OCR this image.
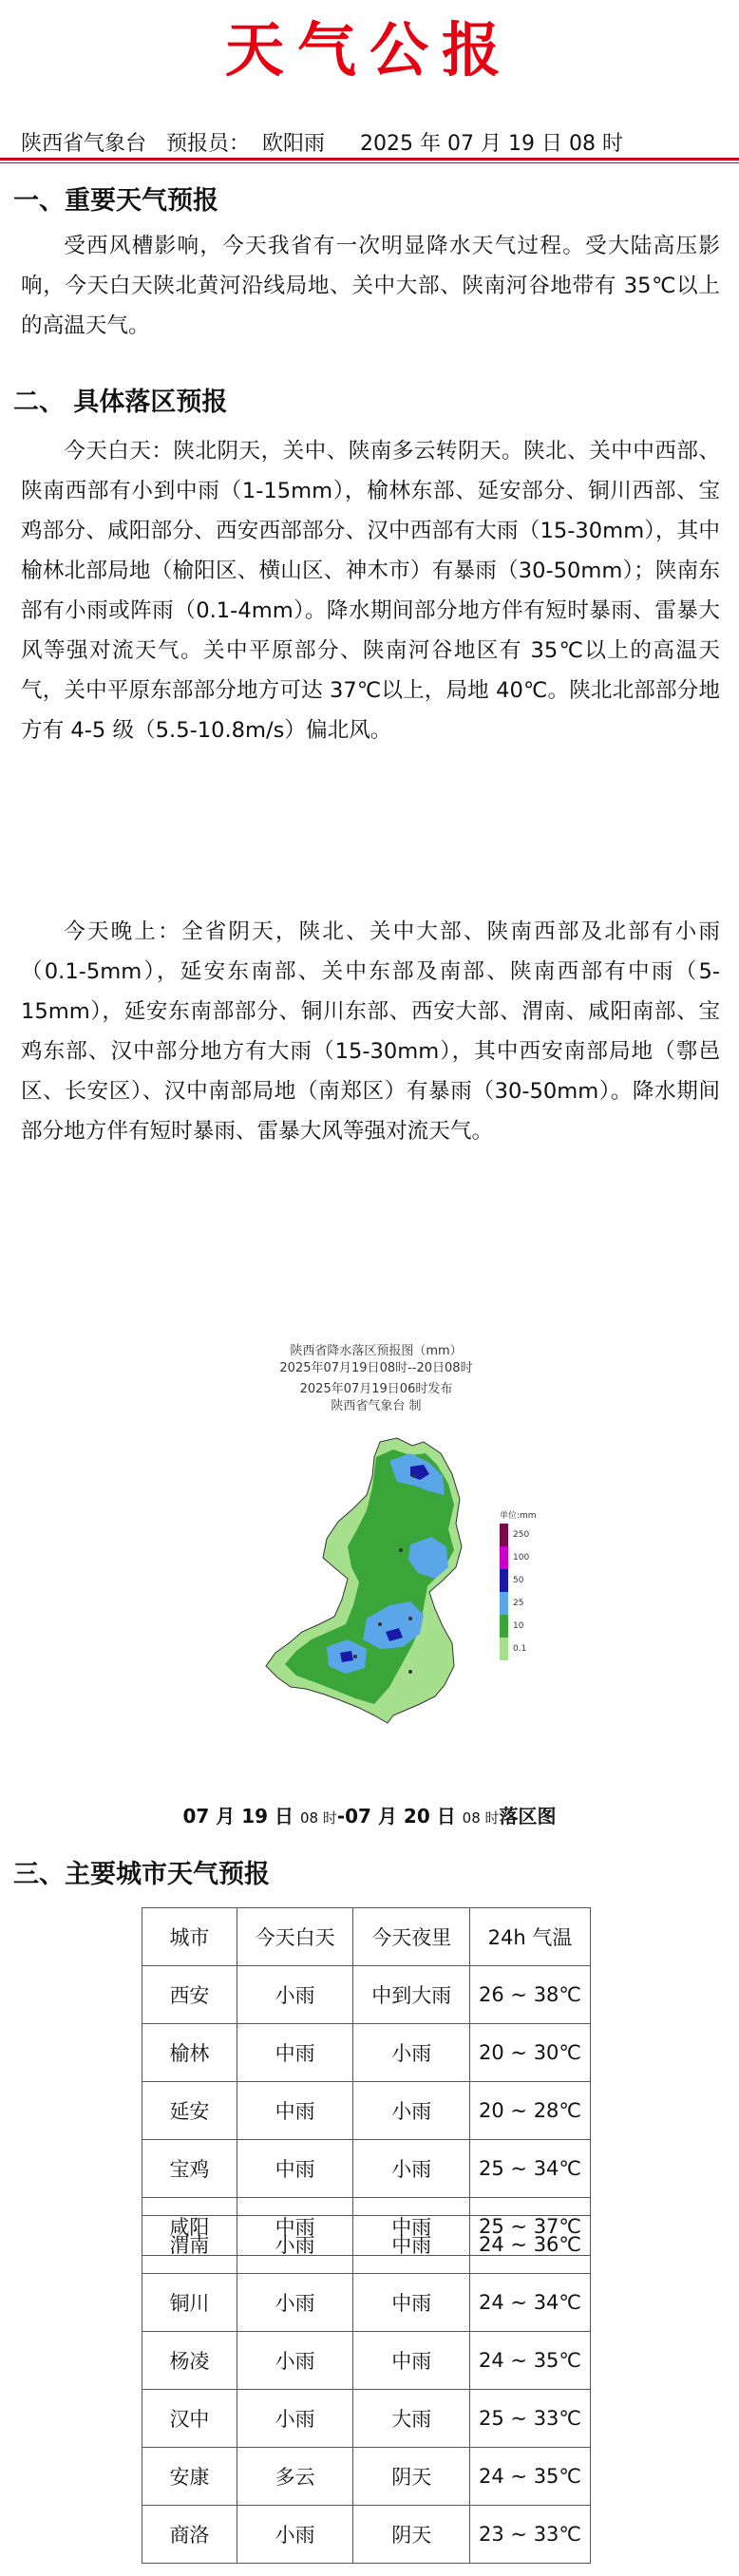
天气公报
陕西省气象台 预报员： 欧阳雨 2025 年 07 月 19 日 08 时
一、重要天气预报

受西风槽影响，今天我省有一次明显降水天气过程。受大陆高压影响，今天白天陕北黄河沿线局地、关中大部、陕南河谷地带有 35℃以上的高温天气。

二、 具体落区预报

今天白天：陕北阴天，关中、陕南多云转阴天。陕北、关中中西部、陕南西部有小到中雨（1-15mm），榆林东部、延安部分、铜川西部、宝鸡部分、咸阳部分、西安西部部分、汉中西部有大雨（15-30mm），其中榆林北部局地（榆阳区、横山区、神木市）有暴雨（30-50mm）；陕南东部有小雨或阵雨（0.1-4mm）。降水期间部分地方伴有短时暴雨、雷暴大风等强对流天气。关中平原部分、陕南河谷地区有 35℃以上的高温天气，关中平原东部部分地方可达 37℃以上，局地 40℃。陕北北部部分地方有 4-5 级（5.5-10.8m/s）偏北风。

今天晚上：全省阴天，陕北、关中大部、陕南西部及北部有小雨（0.1-5mm），延安东南部、关中东部及南部、陕南西部有中雨（5-15mm），延安东南部部分、铜川东部、西安大部、渭南、咸阳南部、宝鸡东部、汉中部分地方有大雨（15-30mm），其中西安南部局地（鄠邑区、长安区）、汉中南部局地（南郑区）有暴雨（30-50mm）。降水期间部分地方伴有短时暴雨、雷暴大风等强对流天气。

陕西省降水落区预报图（mm）
2025年07月19日08时--20日08时
2025年07月19日06时发布
陕西省气象台 制
单位:mm
250
100
50
25
10
0.1
07 月 19 日 08 时-07 月 20 日 08 时落区图
三、主要城市天气预报
城市	今天白天	今天夜里	24h 气温
西安	小雨	中到大雨	26 ~ 38℃
榆林	中雨	小雨	20 ~ 30℃
延安	中雨	小雨	20 ~ 28℃
宝鸡	中雨	小雨	25 ~ 34℃
咸阳	中雨	中雨	25 ~ 37℃
渭南	小雨	中雨	24 ~ 36℃
铜川	小雨	中雨	24 ~ 34℃
杨凌	小雨	中雨	24 ~ 35℃
汉中	小雨	大雨	25 ~ 33℃
安康	多云	阴天	24 ~ 35℃
商洛	小雨	阴天	23 ~ 33℃
